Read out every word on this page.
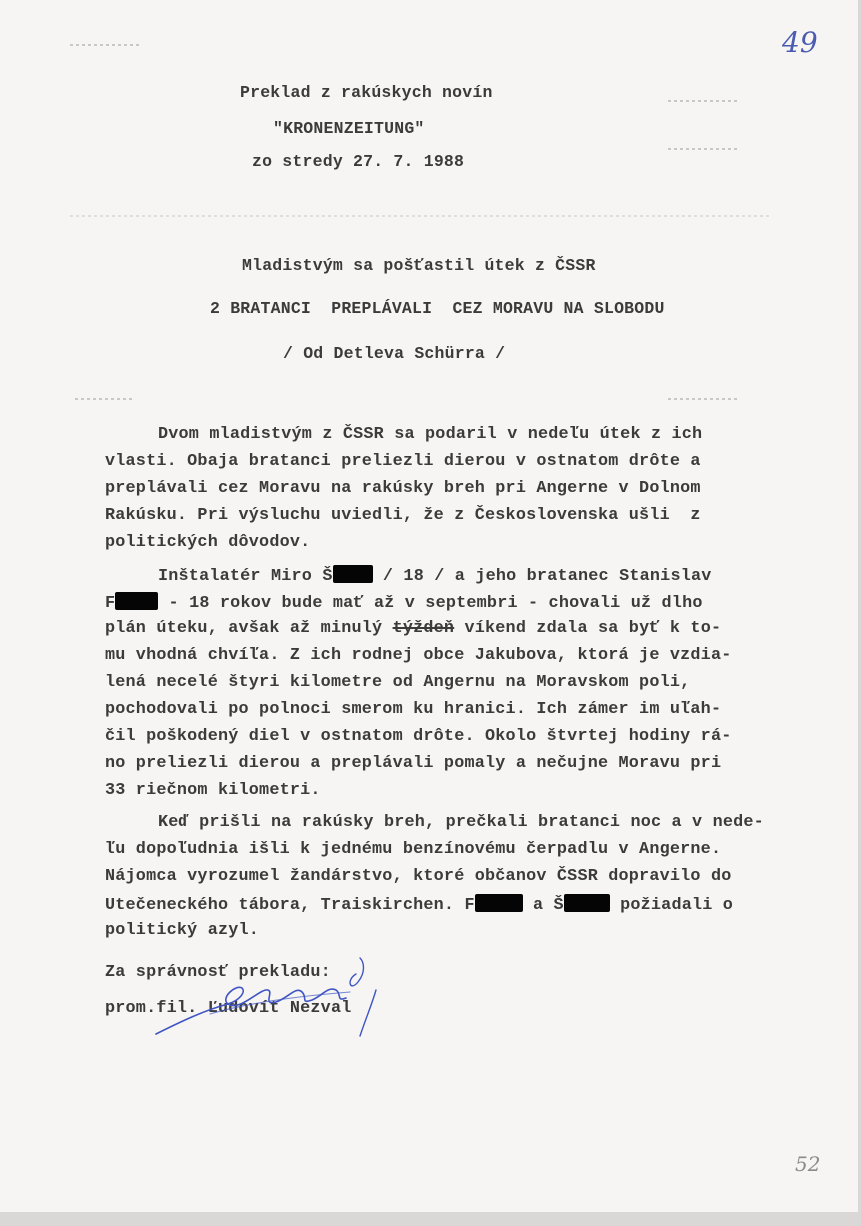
49
Preklad z rakúskych novín
"KRONENZEITUNG"
zo stredy 27. 7. 1988
Mladistvým sa pošťastil útek z ČSSR
2 BRATANCI  PREPLÁVALI  CEZ MORAVU NA SLOBODU
/ Od Detleva Schürra /
Dvom mladistvým z ČSSR sa podaril v nedeľu útek z ich
vlasti. Obaja bratanci preliezli dierou v ostnatom drôte a
preplávali cez Moravu na rakúsky breh pri Angerne v Dolnom
Rakúsku. Pri výsluchu uviedli, že z Československa ušli  z
politických dôvodov.
Inštalatér Miro Š / 18 / a jeho bratanec Stanislav
F	- 18 rokov bude mať až v septembri - chovali už dlho
plán úteku, avšak až minulý týždeň víkend zdala sa byť k to-
mu vhodná chvíľa. Z ich rodnej obce Jakubova, ktorá je vzdia-
lená necelé štyri kilometre od Angernu na Moravskom poli,
pochodovali po polnoci smerom ku hranici. Ich zámer im uľah-
čil poškodený diel v ostnatom drôte. Okolo štvrtej hodiny rá-
no preliezli dierou a preplávali pomaly a nečujne Moravu pri
33 riečnom kilometri.
Keď prišli na rakúsky breh, prečkali bratanci noc a v nede-
ľu dopoľudnia išli k jednému benzínovému čerpadlu v Angerne.
Nájomca vyrozumel žandárstvo, ktoré občanov ČSSR dopravilo do
Utečeneckého tábora, Traiskirchen. F	a Š	požiadali o
politický azyl.
Za správnosť prekladu:
prom.fil. Ľudovít Nezval
52
